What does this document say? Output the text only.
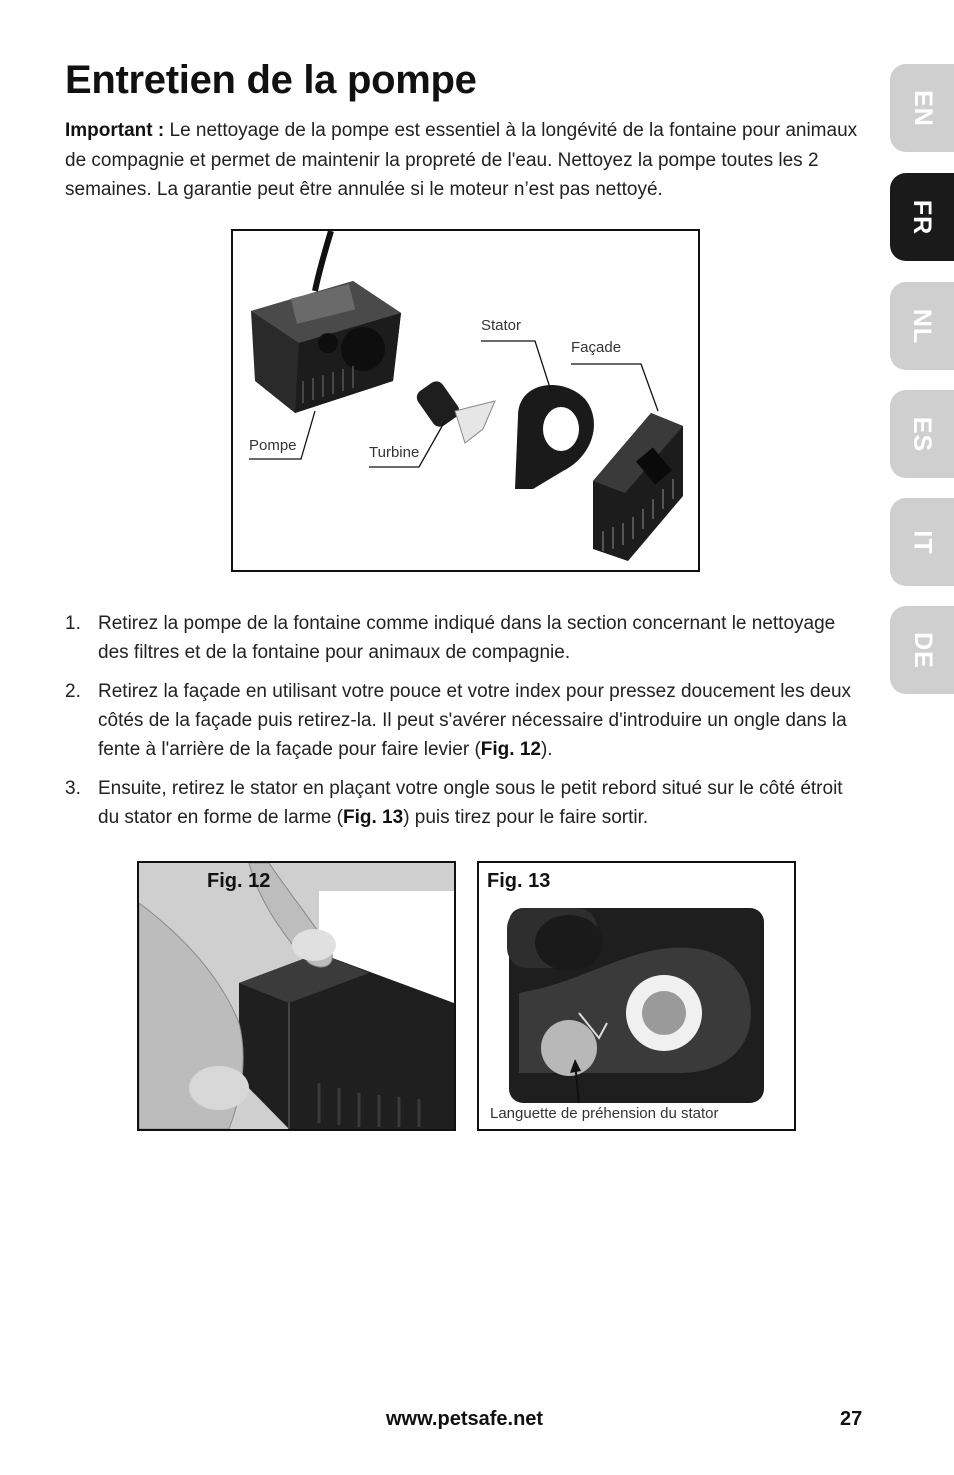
Entretien de la pompe

Important : Le nettoyage de la pompe est essentiel à la longévité de la fontaine pour animaux de compagnie et permet de maintenir la propreté de l'eau. Nettoyez la pompe toutes les 2 semaines. La garantie peut être annulée si le moteur n’est pas nettoyé.

EN
FR
NL
ES
IT
DE
Stator
Façade
Pompe	Turbine
1. Retirez la pompe de la fontaine comme indiqué dans la section concernant le nettoyage des filtres et de la fontaine pour animaux de compagnie.
2. Retirez la façade en utilisant votre pouce et votre index pour pressez doucement les deux côtés de la façade puis retirez-la. Il peut s'avérer nécessaire d'introduire un ongle dans la fente à l'arrière de la façade pour faire levier (Fig. 12).
3. Ensuite, retirez le stator en plaçant votre ongle sous le petit rebord situé sur le côté étroit du stator en forme de larme (Fig. 13) puis tirez pour le faire sortir.
Fig. 12	Fig. 13
Languette de préhension du stator
www.petsafe.net	27
